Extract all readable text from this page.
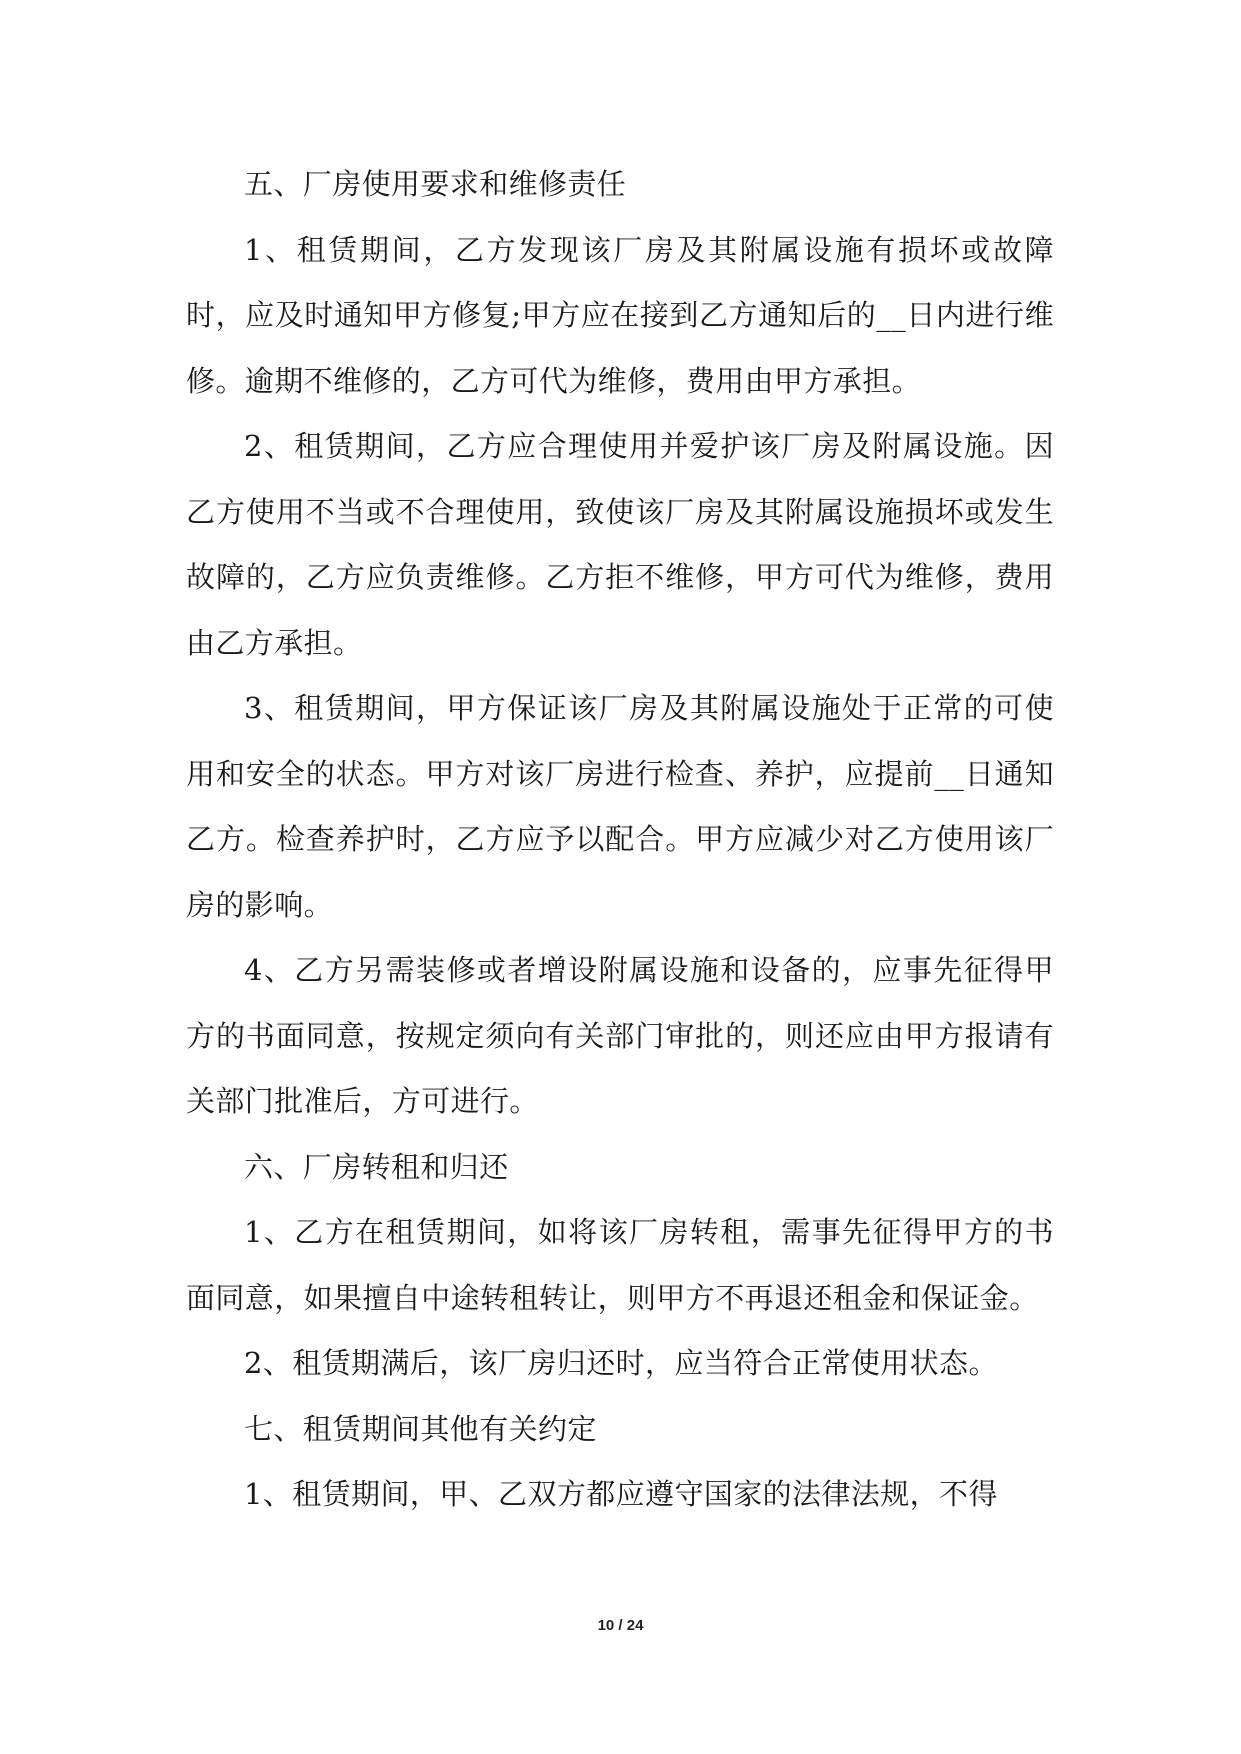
五、厂房使用要求和维修责任

1、租赁期间，乙方发现该厂房及其附属设施有损坏或故障时，应及时通知甲方修复;甲方应在接到乙方通知后的__日内进行维修。逾期不维修的，乙方可代为维修，费用由甲方承担。

2、租赁期间，乙方应合理使用并爱护该厂房及附属设施。因乙方使用不当或不合理使用，致使该厂房及其附属设施损坏或发生故障的，乙方应负责维修。乙方拒不维修，甲方可代为维修，费用由乙方承担。

3、租赁期间，甲方保证该厂房及其附属设施处于正常的可使用和安全的状态。甲方对该厂房进行检查、养护，应提前__日通知乙方。检查养护时，乙方应予以配合。甲方应减少对乙方使用该厂房的影响。

4、乙方另需装修或者增设附属设施和设备的，应事先征得甲方的书面同意，按规定须向有关部门审批的，则还应由甲方报请有关部门批准后，方可进行。

六、厂房转租和归还

1、乙方在租赁期间，如将该厂房转租，需事先征得甲方的书面同意，如果擅自中途转租转让，则甲方不再退还租金和保证金。

2、租赁期满后，该厂房归还时，应当符合正常使用状态。

七、租赁期间其他有关约定

1、租赁期间，甲、乙双方都应遵守国家的法律法规，不得

10 / 24
